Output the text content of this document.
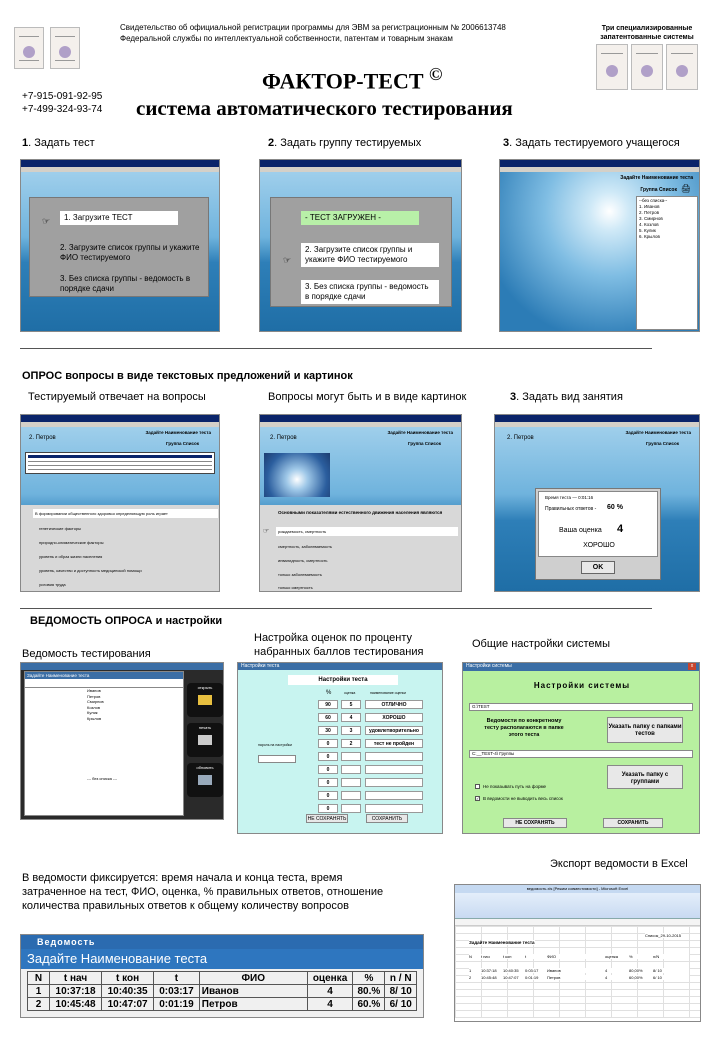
Свидетельство об официальной регистрации программы для ЭВМ за регистрационным № 2006613748
Федеральной службы по интеллектуальной собственности, патентам и товарным знакам
Три специализированные запатентованные системы
+7-915-091-92-95
+7-499-324-93-74
ФАКТОР-ТЕСТ ©
система автоматического тестирования
1. Задать тест	2. Задать группу тестируемых	3. Задать тестируемого учащегося
☞	1. Загрузите ТЕСТ
2. Загрузите список группы и укажите ФИО тестируемого
3. Без списка группы - ведомость в порядке сдачи
- ТЕСТ ЗАГРУЖЕН -
☞
2. Загрузите список группы и укажите ФИО тестируемого
3. Без списка группы - ведомость в порядке сдачи
Задайте Наименование теста
Группа Список 🖨
--без списка--
1. Иванов
2. Петров
3. Смирнов
4. Козлов
5. Кулик
6. Крылов
ОПРОС вопросы в виде текстовых предложений и картинок
Тестируемый отвечает на вопросы	Вопросы могут быть и в виде картинок	3. Задать вид занятия
Задайте Наименование теста
2. Петров
Группа Список
В формировании общественного здоровья определяющую роль играет
генетические факторы
природно-климатические факторы
уровень и образ жизни населения
уровень, качество и доступность медицинской помощи
условия труда
Задайте Наименование теста
2. Петров
Группа Список
Основными показателями естественного движения населения являются
☞	рождаемость, смертность
смертность, заболеваемость
инвалидность, смертность
только заболеваемость
только смертность
Задайте Наименование теста
2. Петров
Группа Список
Время теста — 0:01:16
Правильных ответов - 60 %
Ваша оценка 4
ХОРОШО
OK
ВЕДОМОСТЬ ОПРОСА и настройки
Ведомость тестирования
Настройка оценок по проценту
набранных баллов тестирования
Общие настройки системы
Задайте Наименование теста
Иванов
Петров
Смирнов
Козлов
Кулик
Крылов
--- без списка ---
открыть
печать
обновить
Настройки теста
Настройки теста
%	оценка	наименование оценки
пароль на настройки
90	5	ОТЛИЧНО
60	4	ХОРОШО
30	3	удовлетворительно
0	2	тест не пройден
0
0
0
0
0
НЕ СОХРАНЯТЬ	СОХРАНИТЬ
Настройки системы	x
Настройки системы
G:\TEST
Ведомости по конкретному тесту располагаются в папке этого теста
Указать папку с папками тестов
C:__TEST-4\ Группы
Указать папку с группами
Не показывать путь на форме
✓ В ведомости не выводить весь список
НЕ СОХРАНЯТЬ	СОХРАНИТЬ
Экспорт ведомости в Excel
В ведомости фиксируется: время начала и конца теста, время
затраченное на тест, ФИО, оценка, % правильных ответов, отношение
количества правильных ответов к общему количеству вопросов
Ведомость
Задайте Наименование теста
N	t нач	t кон	t	ФИО	оценка	%	n / N
1	10:37:18	10:40:35	0:03:17	Иванов	4	80.%	8/ 10
2	10:45:48	10:47:07	0:01:19	Петров	4	60.%	6/ 10
ведомость.xls [Режим совместимости] - Microsoft Excel
Задайте Наименование теста
Список_29-10-2015
N	t нач	t кон	t	ФИО	оценка	%	n/N
1	10:37:18	10:40:35	0:03:17	Иванов	4	80,00%	8/ 10
2	10:45:48	10:47:07	0:01:19	Петров	4	60,00%	6/ 10
